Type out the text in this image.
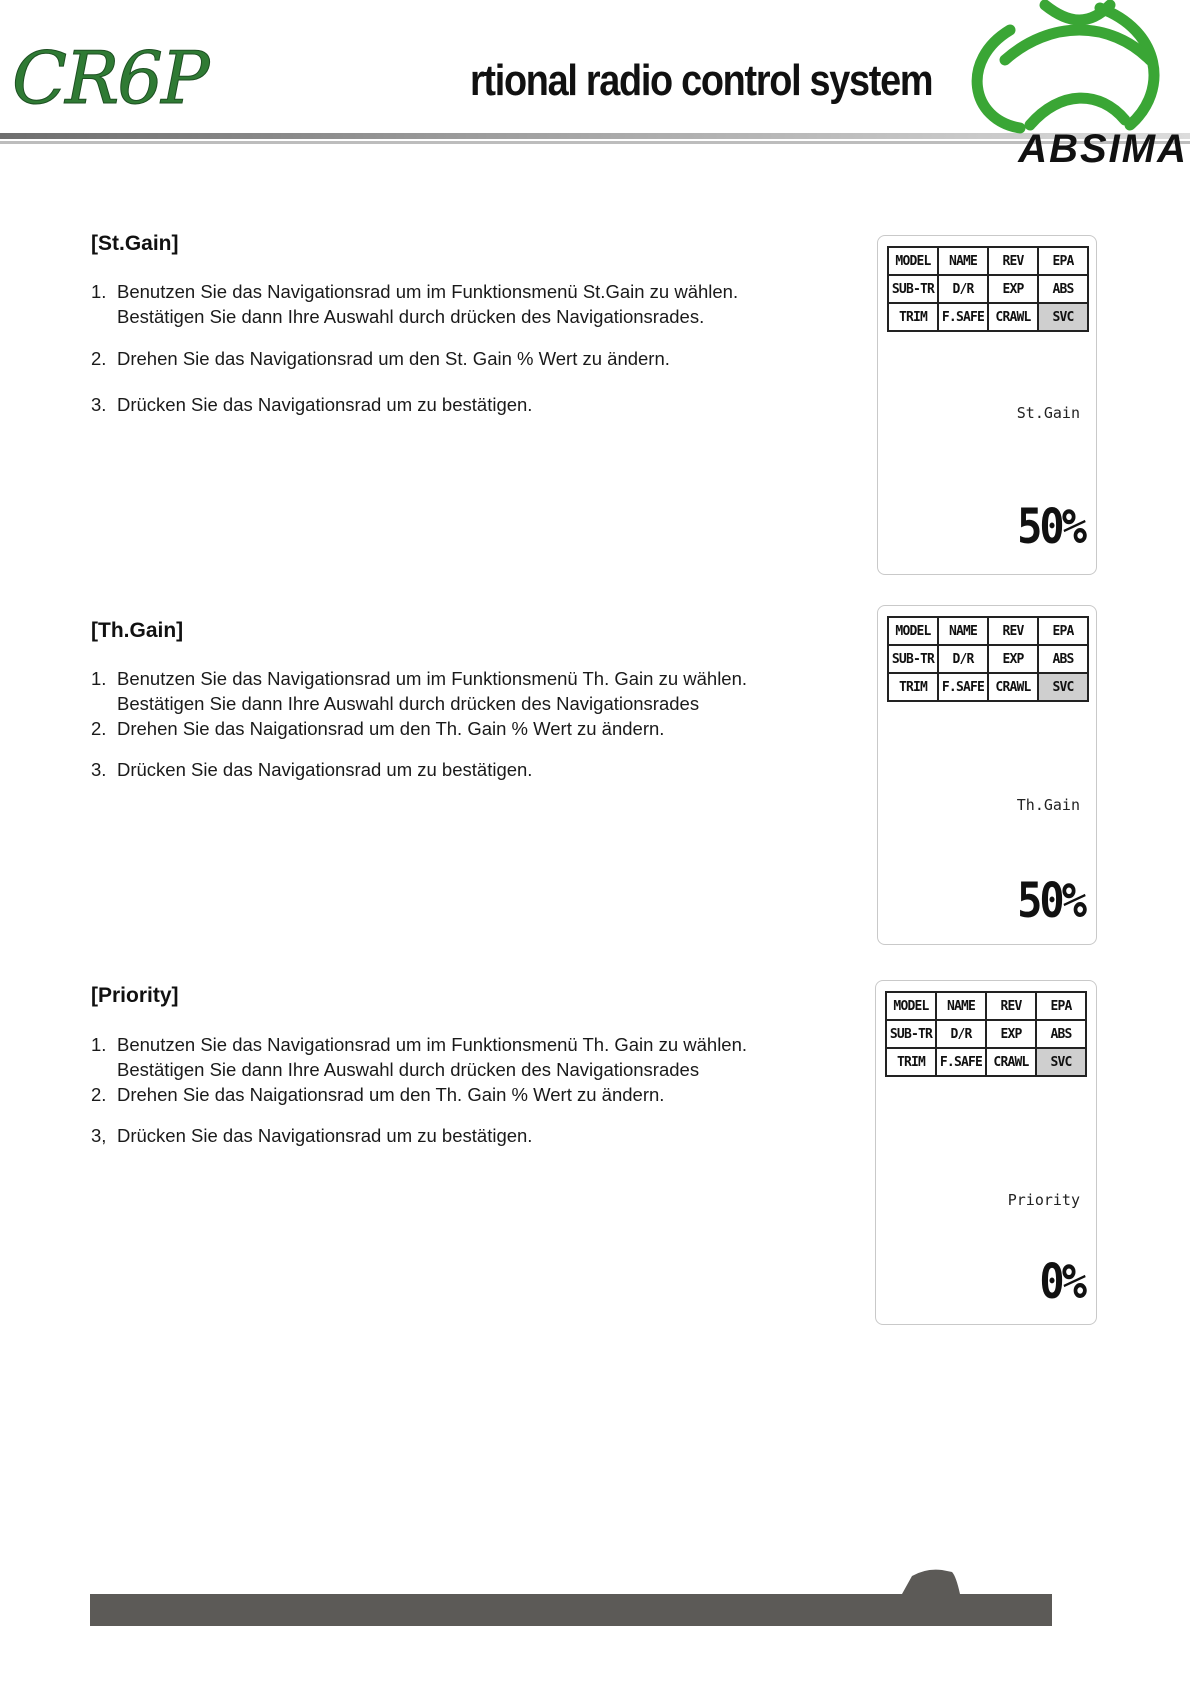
CR6P	rtional radio control system
ABSIMA
[St.Gain]
1. Benutzen Sie das Navigationsrad um im Funktionsmenü St.Gain zu wählen.
Bestätigen Sie dann Ihre Auswahl durch drücken des Navigationsrades.
2. Drehen Sie das Navigationsrad um den St. Gain % Wert zu ändern.
3. Drücken Sie das Navigationsrad um zu bestätigen.
MODEL	NAME	REV	EPA
SUB-TR	D/R	EXP	ABS
TRIM	F.SAFE	CRAWL	SVC
St.Gain
50%
[Th.Gain]
1. Benutzen Sie das Navigationsrad um im Funktionsmenü Th. Gain zu wählen.
Bestätigen Sie dann Ihre Auswahl durch drücken des Navigationsrades
2. Drehen Sie das Naigationsrad um den Th. Gain % Wert zu ändern.
3. Drücken Sie das Navigationsrad um zu bestätigen.
MODEL	NAME	REV	EPA
SUB-TR	D/R	EXP	ABS
TRIM	F.SAFE	CRAWL	SVC
Th.Gain
50%
[Priority]
1. Benutzen Sie das Navigationsrad um im Funktionsmenü Th. Gain zu wählen.
Bestätigen Sie dann Ihre Auswahl durch drücken des Navigationsrades
2. Drehen Sie das Naigationsrad um den Th. Gain % Wert zu ändern.
3, Drücken Sie das Navigationsrad um zu bestätigen.
MODEL	NAME	REV	EPA
SUB-TR	D/R	EXP	ABS
TRIM	F.SAFE	CRAWL	SVC
Priority
0%
